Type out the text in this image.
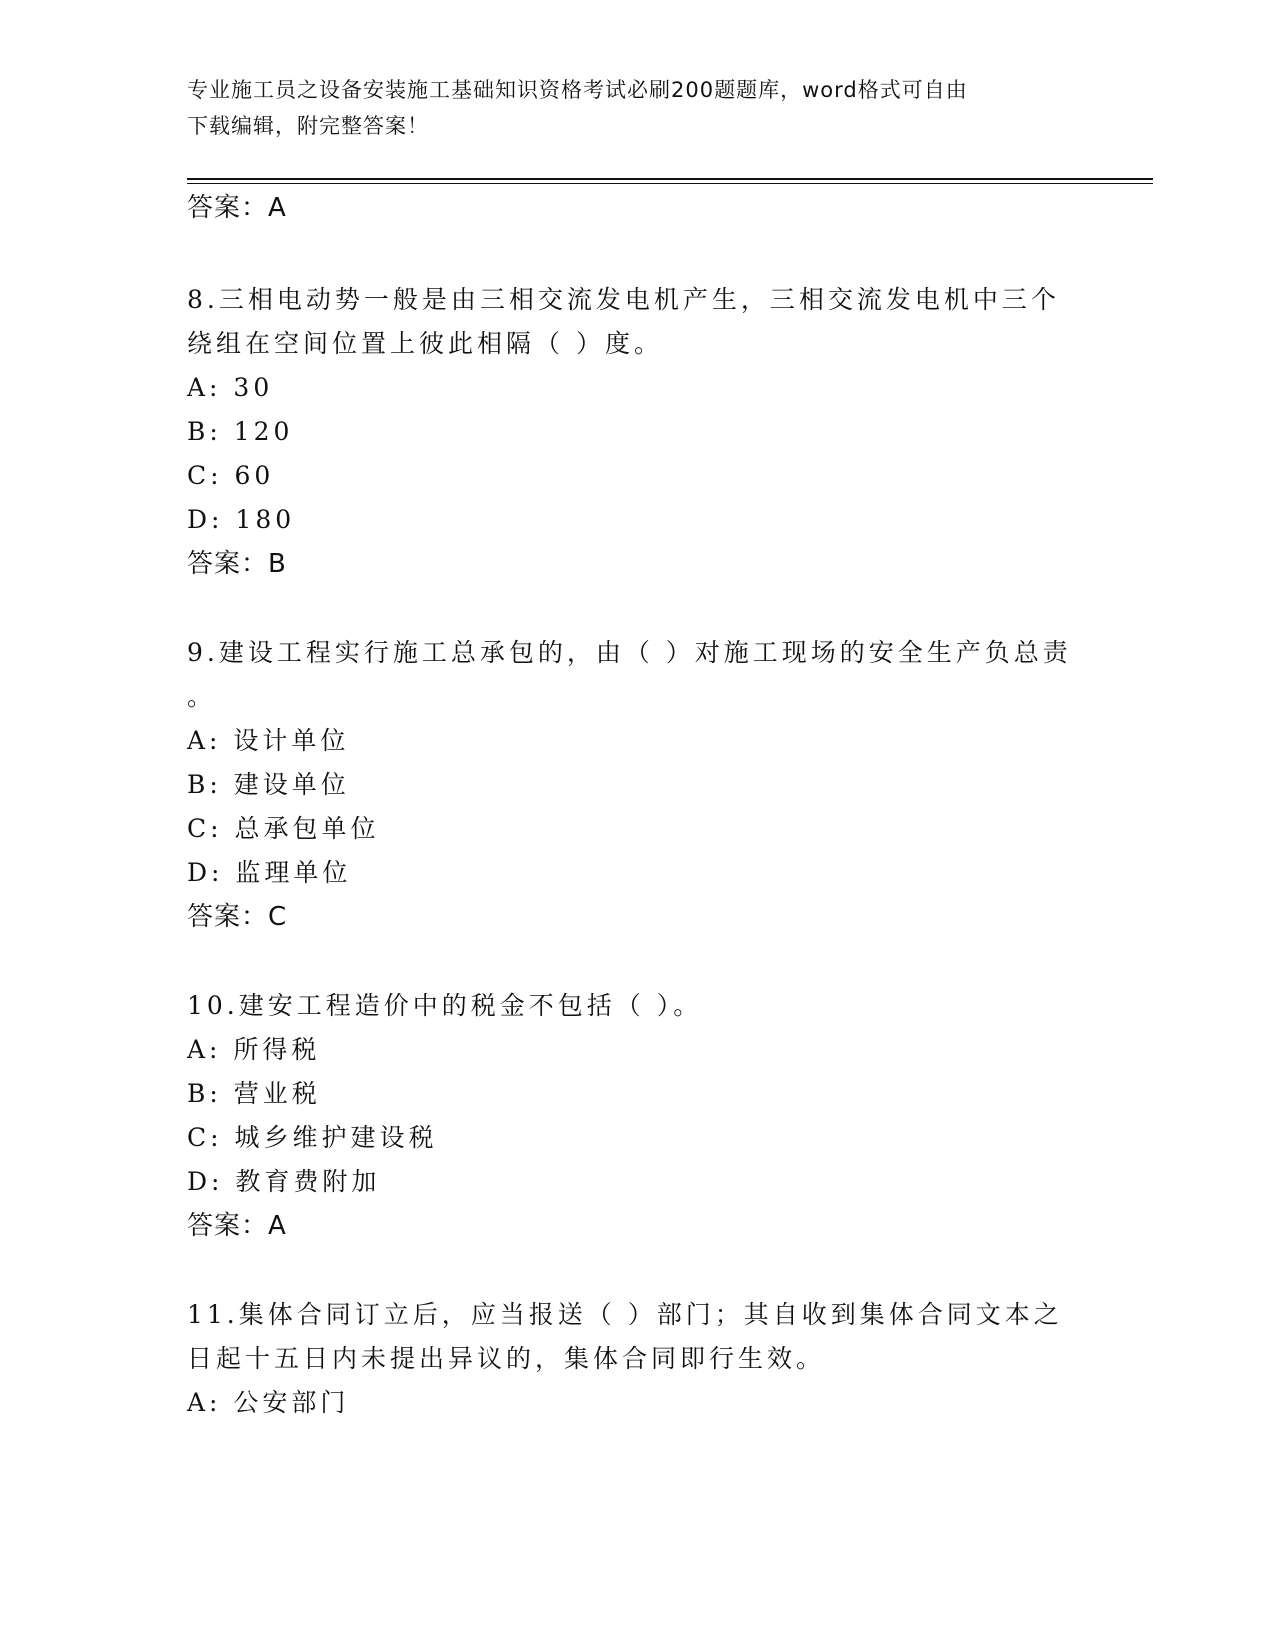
专业施工员之设备安装施工基础知识资格考试必刷200题题库，word格式可自由
下载编辑，附完整答案！
答案：A
8.三相电动势一般是由三相交流发电机产生，三相交流发电机中三个
绕组在空间位置上彼此相隔（ ）度。
A: 30
B: 120
C: 60
D: 180
答案：B
9.建设工程实行施工总承包的，由（ ）对施工现场的安全生产负总责
。
A: 设计单位
B: 建设单位
C: 总承包单位
D: 监理单位
答案：C
10.建安工程造价中的税金不包括（ ）。
A: 所得税
B: 营业税
C: 城乡维护建设税
D: 教育费附加
答案：A
11.集体合同订立后，应当报送（ ）部门；其自收到集体合同文本之
日起十五日内未提出异议的，集体合同即行生效。
A: 公安部门
